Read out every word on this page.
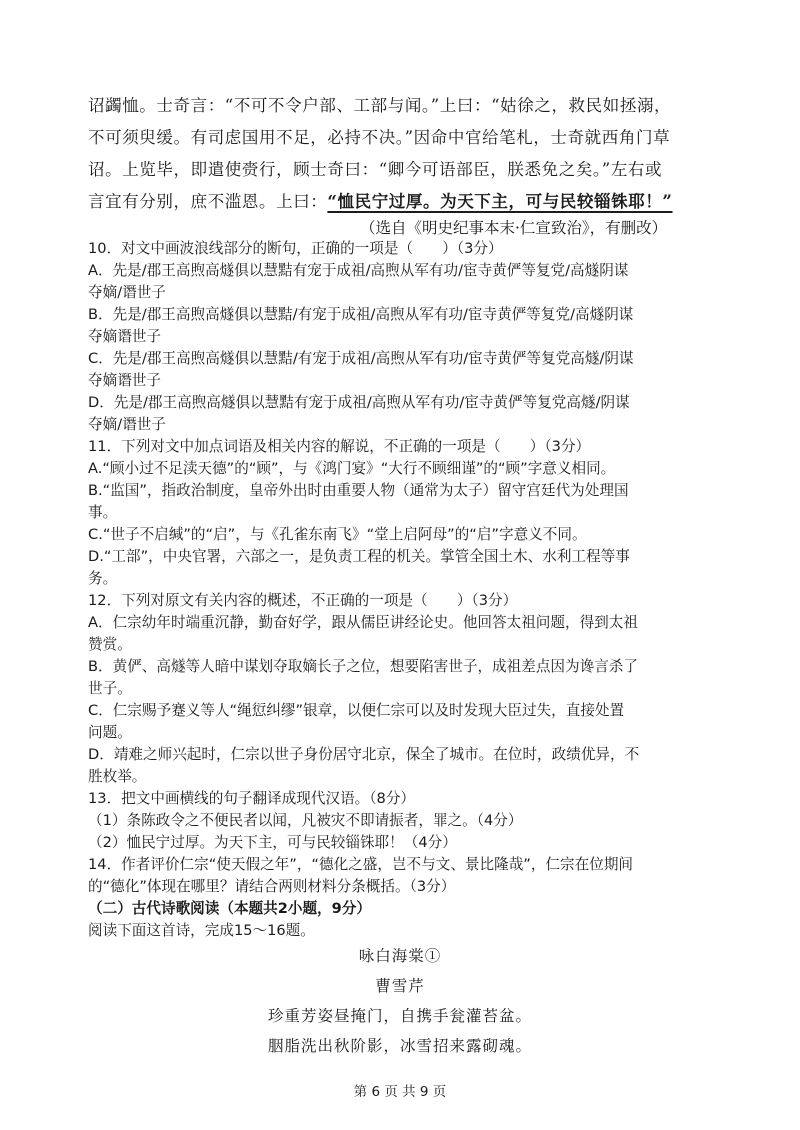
诏蠲恤。士奇言：“不可不令户部、工部与闻。”上曰：“姑徐之，救民如拯溺，
不可须臾缓。有司虑国用不足，必持不决。”因命中官给笔札，士奇就西角门草
诏。上览毕，即遣使赍行，顾士奇曰：“卿今可语部臣，朕悉免之矣。”左右或
言宜有分别，庶不滥恩。上曰：“恤民宁过厚。为天下主，可与民较锱铢耶！”
（选自《明史纪事本末·仁宣致治》，有删改）
10．对文中画波浪线部分的断句，正确的一项是（　　）（3分）
A．先是/郡王高煦高燧俱以慧黠有宠于成祖/高煦从军有功/宦寺黄俨等复党/高燧阴谋
夺嫡/谮世子
B．先是/郡王高煦高燧俱以慧黠/有宠于成祖/高煦从军有功/宦寺黄俨等复党/高燧阴谋
夺嫡谮世子
C．先是/郡王高煦高燧俱以慧黠/有宠于成祖/高煦从军有功/宦寺黄俨等复党高燧/阴谋
夺嫡谮世子
D．先是/郡王高煦高燧俱以慧黠有宠于成祖/高煦从军有功/宦寺黄俨等复党高燧/阴谋
夺嫡/谮世子
11．下列对文中加点词语及相关内容的解说，不正确的一项是（　　）（3分）
A.“顾小过不足渎天德”的“顾”，与《鸿门宴》“大行不顾细谨”的“顾”字意义相同。
B.“监国”，指政治制度，皇帝外出时由重要人物（通常为太子）留守宫廷代为处理国
事。
C.“世子不启缄”的“启”，与《孔雀东南飞》“堂上启阿母”的“启”字意义不同。
D.“工部”，中央官署，六部之一，是负责工程的机关。掌管全国土木、水利工程等事
务。
12．下列对原文有关内容的概述，不正确的一项是（　　）（3分）
A．仁宗幼年时端重沉静，勤奋好学，跟从儒臣讲经论史。他回答太祖问题，得到太祖
赞赏。
B．黄俨、高燧等人暗中谋划夺取嫡长子之位，想要陷害世子，成祖差点因为谗言杀了
世子。
C．仁宗赐予蹇义等人“绳愆纠缪”银章，以便仁宗可以及时发现大臣过失，直接处置
问题。
D．靖难之师兴起时，仁宗以世子身份居守北京，保全了城市。在位时，政绩优异，不
胜枚举。
13．把文中画横线的句子翻译成现代汉语。（8分）
（1）条陈政令之不便民者以闻，凡被灾不即请振者，罪之。（4分）
（2）恤民宁过厚。为天下主，可与民较锱铢耶！（4分）
14．作者评价仁宗“使天假之年”，“德化之盛，岂不与文、景比隆哉”，仁宗在位期间
的“德化”体现在哪里？请结合两则材料分条概括。（3分）
（二）古代诗歌阅读（本题共2小题，9分）
阅读下面这首诗，完成15～16题。
咏白海棠①
曹雪芹
珍重芳姿昼掩门，自携手瓮灌苔盆。
胭脂洗出秋阶影，冰雪招来露砌魂。
第 6 页 共 9 页
